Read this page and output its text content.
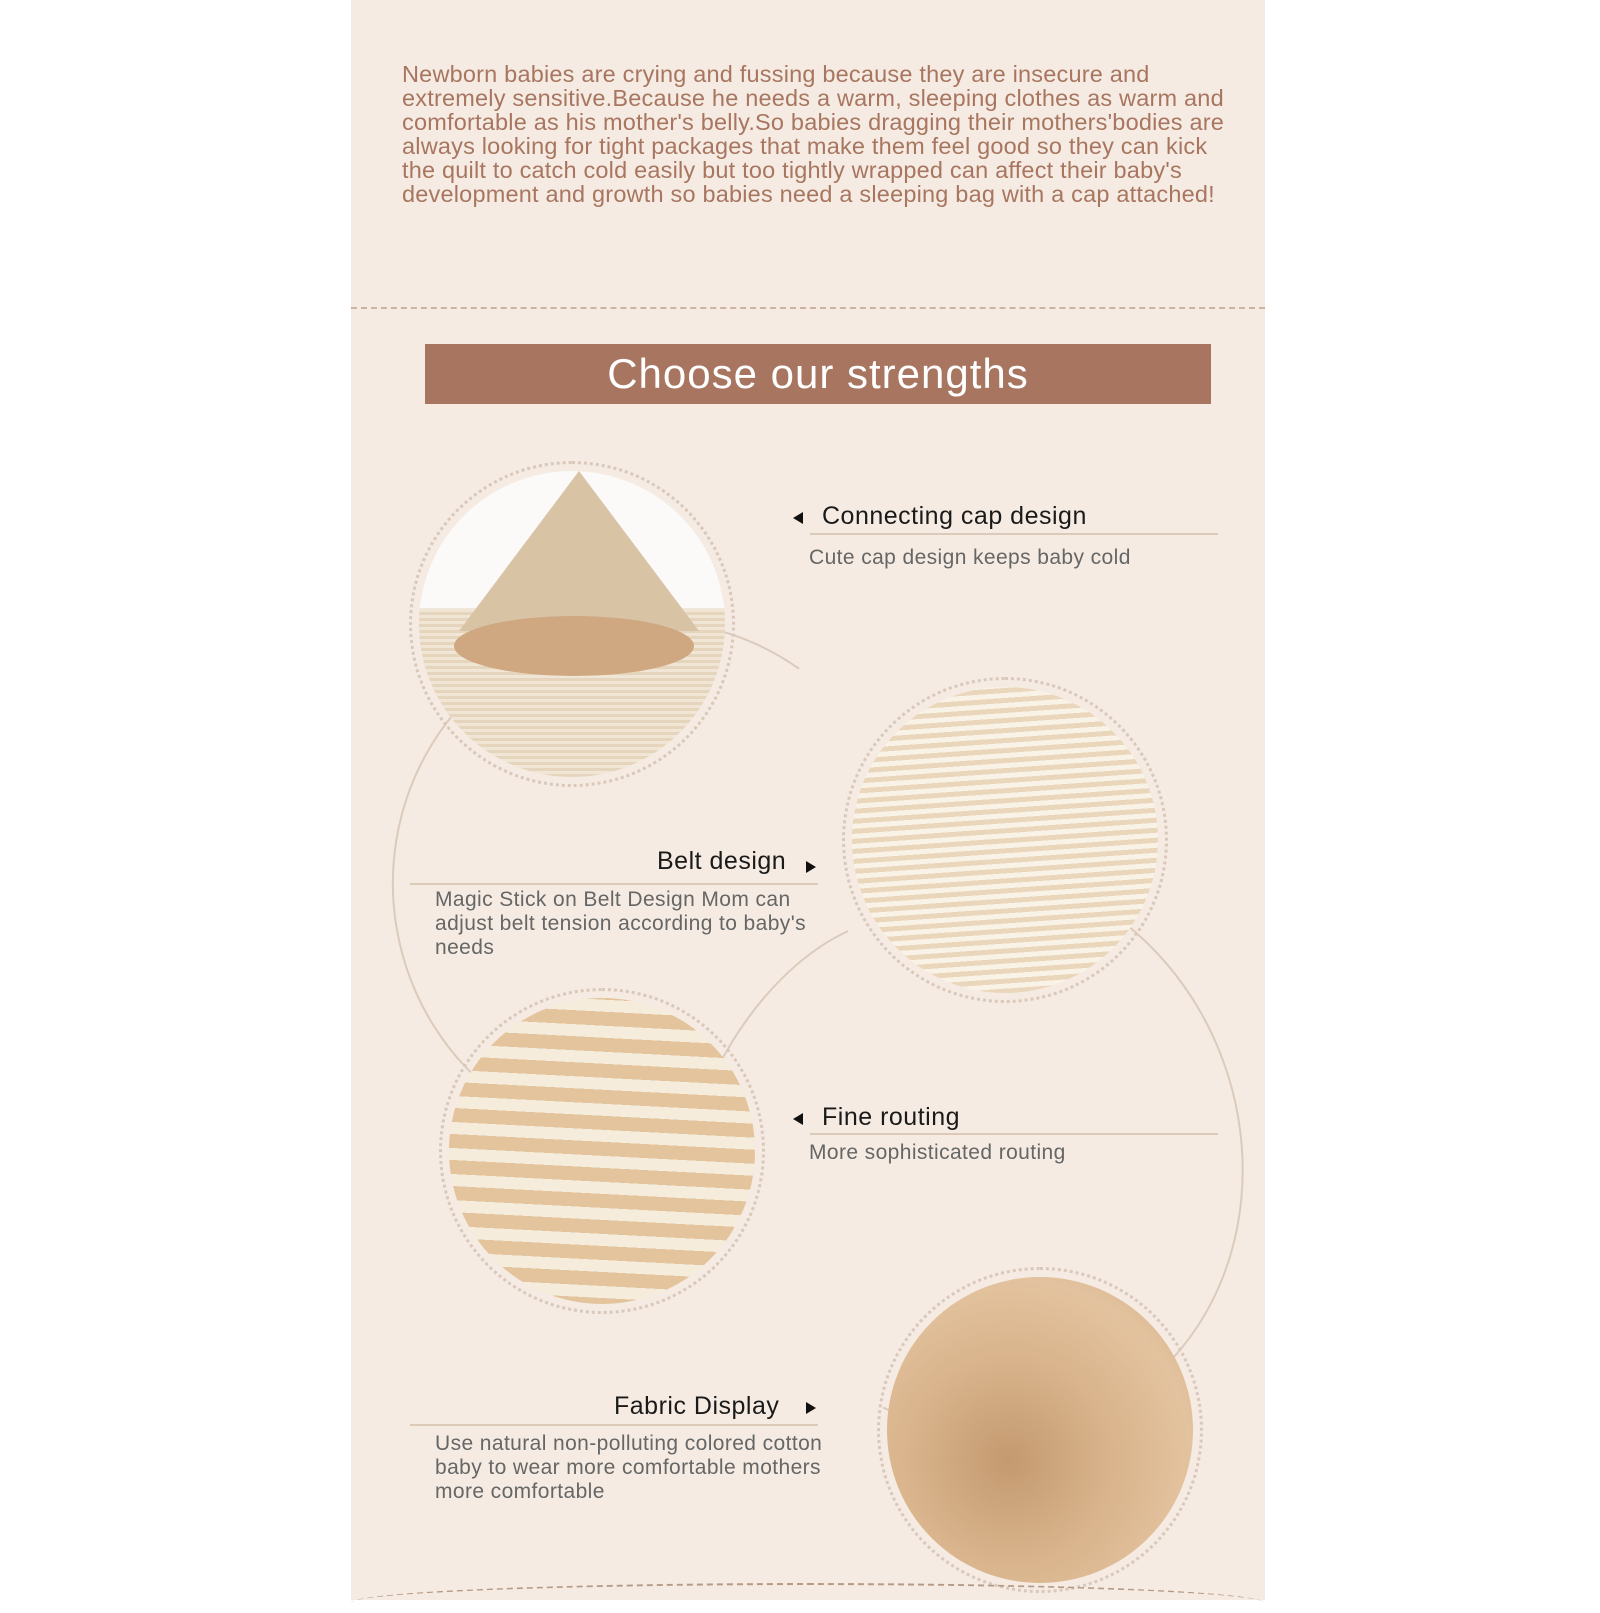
Newborn babies are crying and fussing because they are insecure and extremely sensitive.Because he needs a warm, sleeping clothes as warm and comfortable as his mother's belly.So babies dragging their mothers'bodies are always looking for tight packages that make them feel good so they can kick the quilt to catch cold easily but too tightly wrapped can affect their baby's development and growth so babies need a sleeping bag with a cap attached!

Choose our strengths
Connecting cap design
Cute cap design keeps baby cold
Belt design
Magic Stick on Belt Design Mom can adjust belt tension according to baby's needs
Fine routing
More sophisticated routing
Fabric Display
Use natural non-polluting colored cotton baby to wear more comfortable mothers more comfortable
